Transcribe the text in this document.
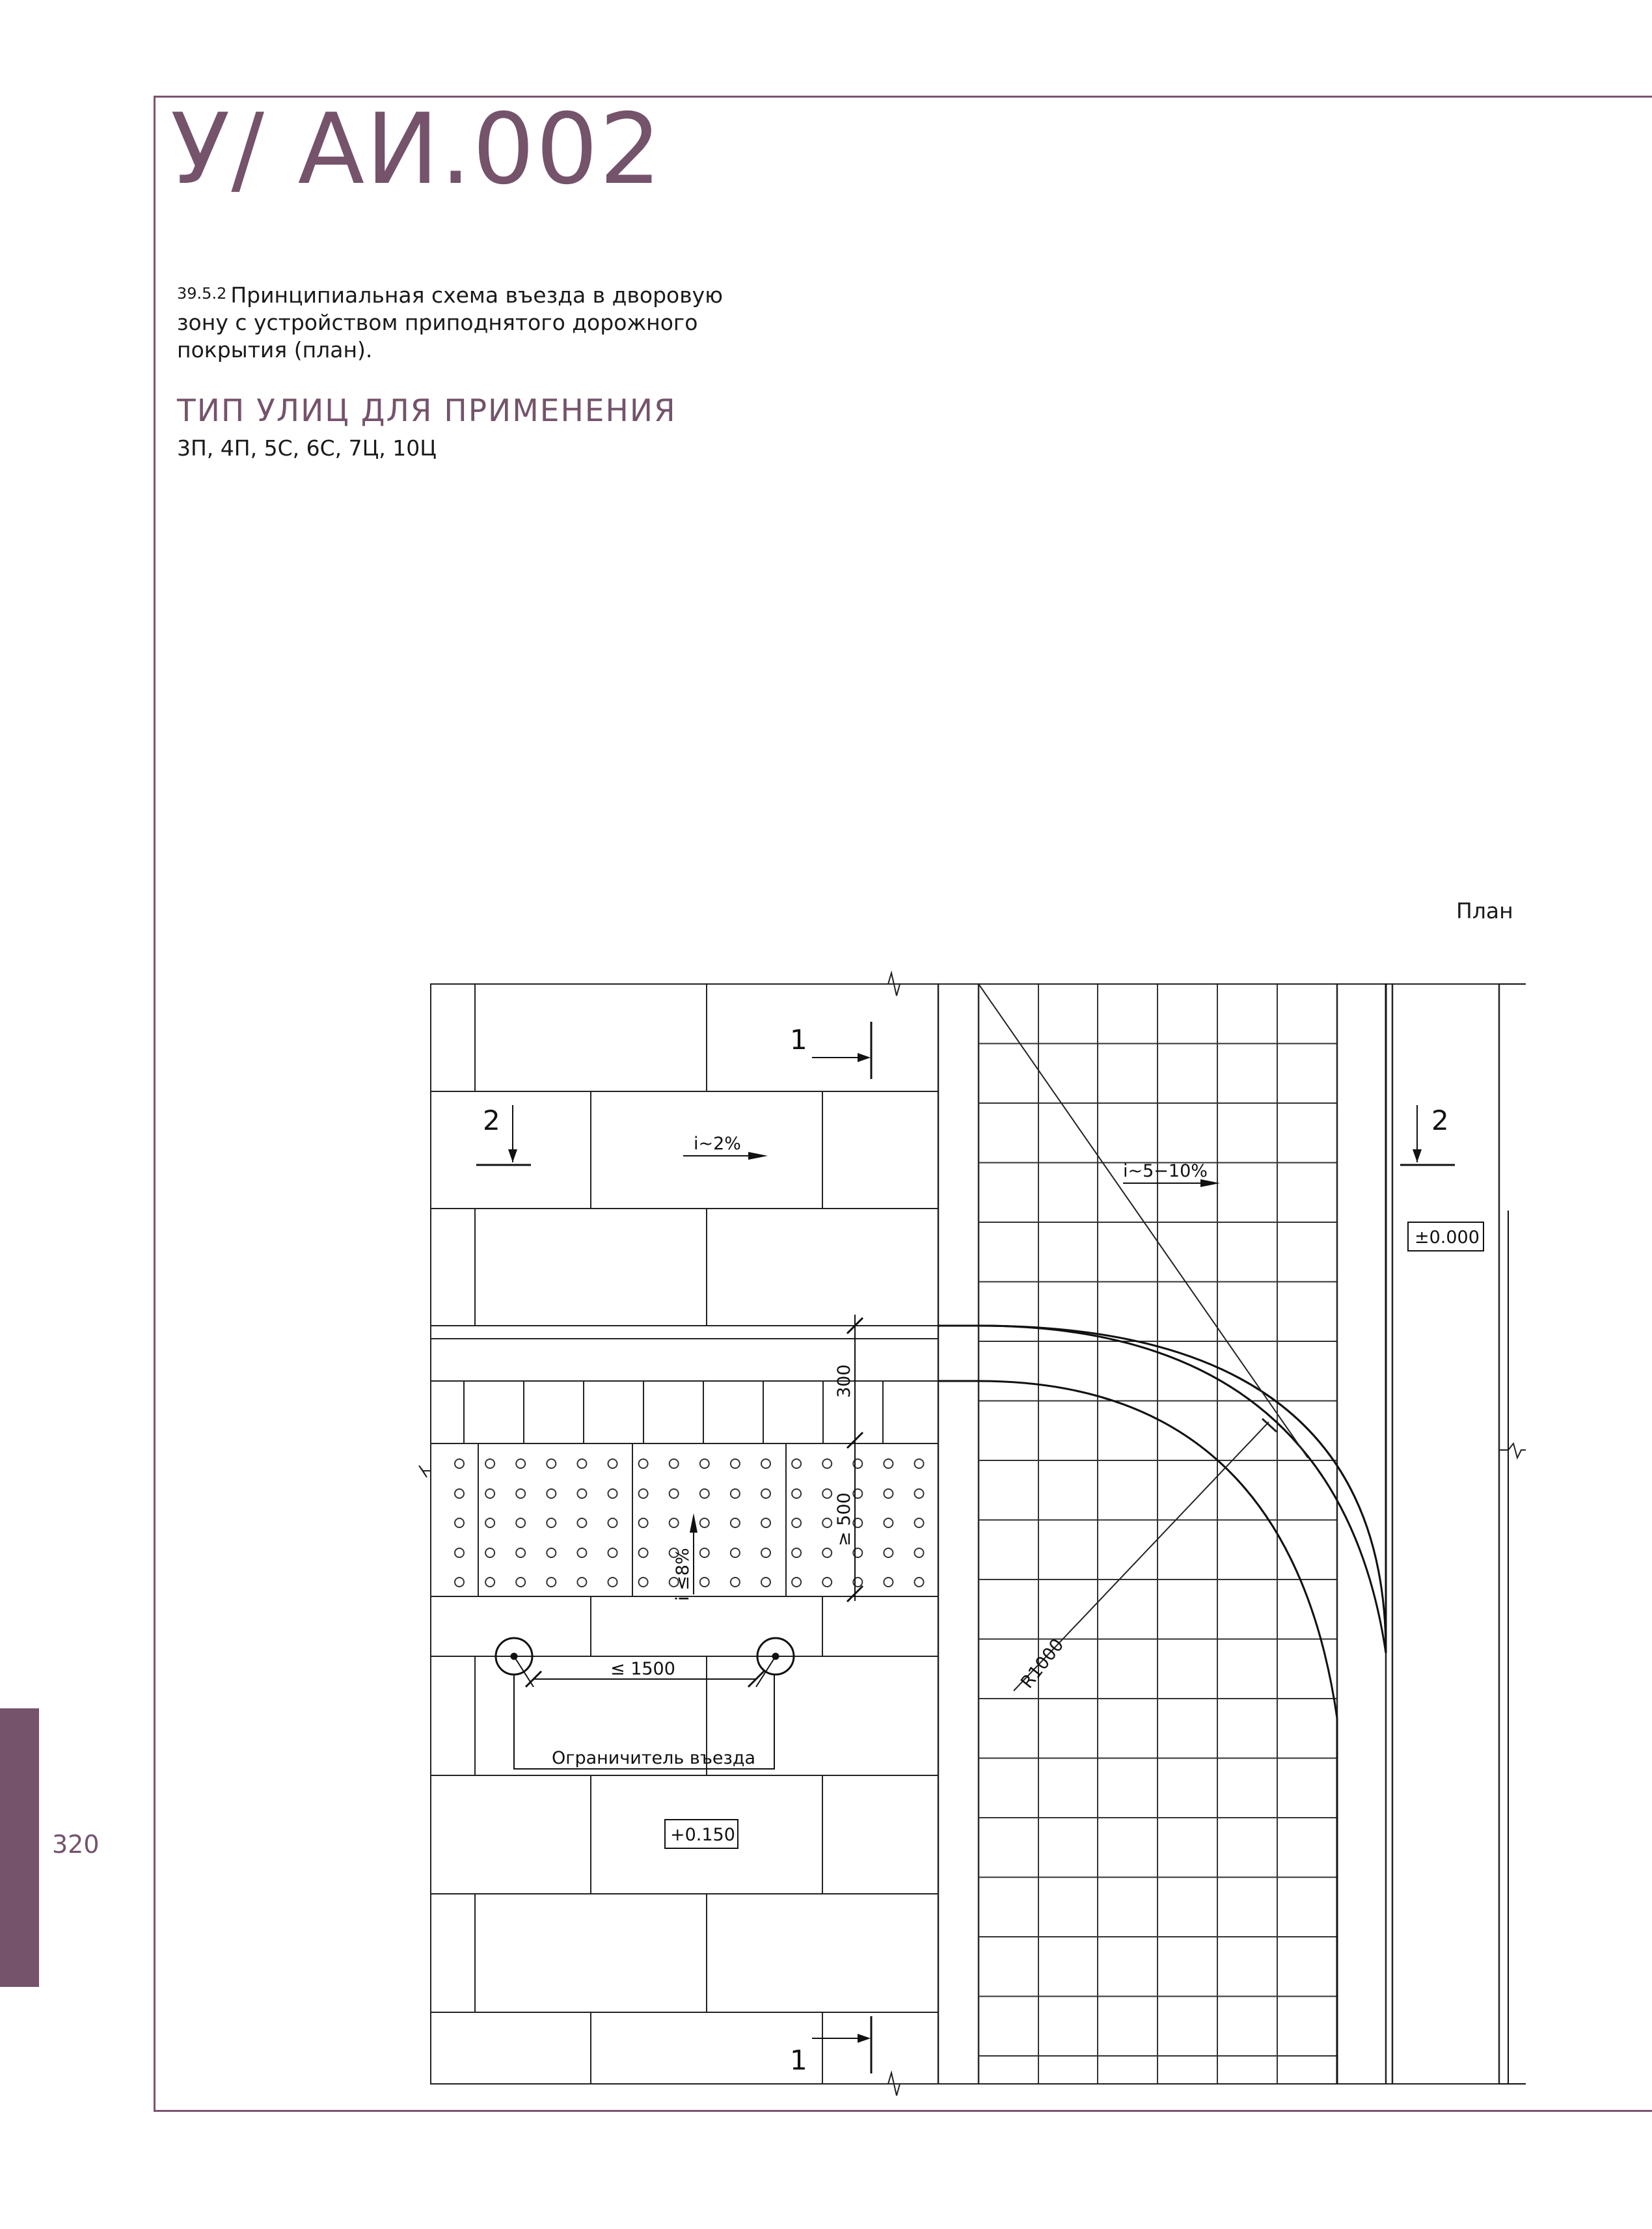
У/ АИ.002
39.5.2 Принципиальная схема въезда в дворовую зону с устройством приподнятого дорожного покрытия (план).
ТИП УЛИЦ ДЛЯ ПРИМЕНЕНИЯ
3П, 4П, 5С, 6С, 7Ц, 10Ц
План
320
1
1
2	2
i~2%
i~5−10%
i ≤8%
300
≥ 500
R1000
≤ 1500
Ограничитель въезда
±0.000
+0.150
